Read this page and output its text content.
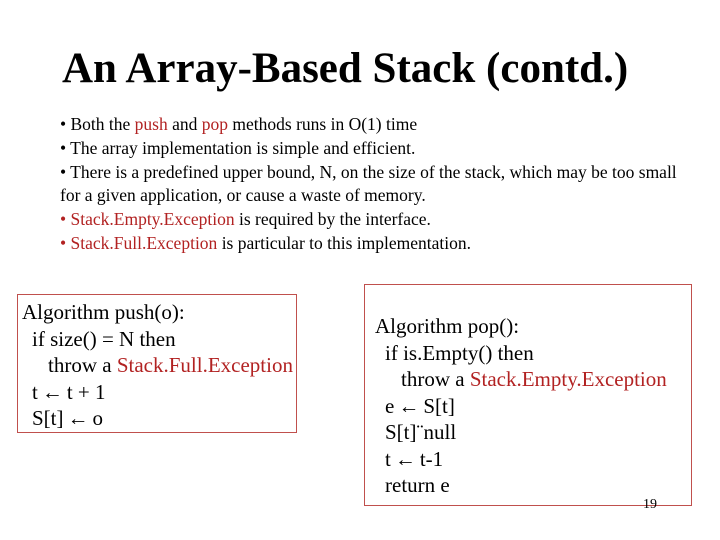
An Array-Based Stack (contd.)

• Both the push and pop methods runs in O(1) time

• The array implementation is simple and efficient.

• There is a predefined upper bound, N, on the size of the stack, which may be too small for a given application, or cause a waste of memory.

• Stack.Empty.Exception is required by the interface.

• Stack.Full.Exception is particular to this implementation.

Algorithm push(o):
if size() = N then
throw a Stack.Full.Exception
t ← t + 1
S[t] ← o
Algorithm pop():
if is.Empty() then
throw a Stack.Empty.Exception
e ← S[t]
S[t]¨null
t ← t-1
return e
19
